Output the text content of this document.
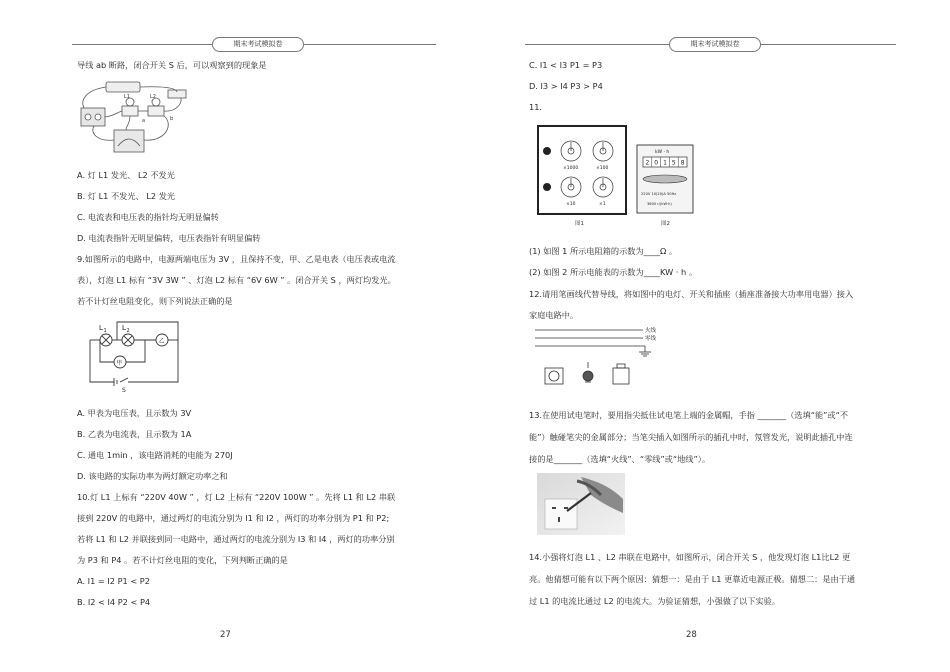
期末考试模拟卷
导线 ab 断路，闭合开关 S 后，可以观察到的现象是
L1	L2
a	b
A. 灯 L1 发光、 L2 不发光
B. 灯 L1 不发光、 L2 发光
C. 电流表和电压表的指针均无明显偏转
D. 电流表指针无明显偏转，电压表指针有明显偏转
9.如图所示的电路中，电源两端电压为 3V ，且保持不变，甲、乙是电表（电压表或电流
表），灯泡 L1 标有 “3V 3W ” 、灯泡 L2 标有 “6V 6W ” 。闭合开关 S ，两灯均发光。
若不计灯丝电阻变化，则下列说法正确的是
L 1 L 2
甲
乙
S
A. 甲表为电压表，且示数为 3V
B. 乙表为电流表，且示数为 1A
C. 通电 1min ，该电路消耗的电能为 270J
D. 该电路的实际功率为两灯额定功率之和
10.灯 L1 上标有 “220V 40W ” ，灯 L2 上标有 “220V 100W ” 。先将 L1 和 L2 串联
接到 220V 的电路中，通过两灯的电流分别为 I1 和 I2 ，两灯的功率分别为 P1 和 P2;
若将 L1 和 L2 并联接到同一电路中，通过两灯的电流分别为 I3 和 I4 ，两灯的功率分别
为 P3 和 P4 。若不计灯丝电阻的变化，下列判断正确的是
A. I1 = I2 P1 < P2
B. I2 < I4 P2 < P4
27
期末考试模拟卷
C. I1 < I3 P1 = P3
D. I3 > I4 P3 > P4
11.
×1000	×100
×10	×1
图1
kW · h
2 0 1 5 8
220V 10(20)A 50Hz
3600 r/(kW·h)
图2
(1) 如图 1 所示电阻箱的示数为____Ω 。
(2) 如图 2 所示电能表的示数为____KW · h 。
12.请用笔画线代替导线，将如图中的电灯、开关和插座（插座准备接大功率用电器）接入
家庭电路中。
火线
零线
13.在使用试电笔时，要用指尖抵住试电笔上端的金属帽，手指 _______（选填“能”或“不
能”）触碰笔尖的金属部分；当笔尖插入如图所示的插孔中时，氖管发光，说明此插孔中连
接的是_______（选填“火线”、“零线”或“地线”）。
14.小强将灯泡 L1 、L2 串联在电路中，如图所示，闭合开关 S ，他发现灯泡 L1比L2 更
亮。他猜想可能有以下两个原因：猜想一：是由于 L1 更靠近电源正极。猜想二：是由于通
过 L1 的电流比通过 L2 的电流大。为验证猜想，小强做了以下实验。
28
